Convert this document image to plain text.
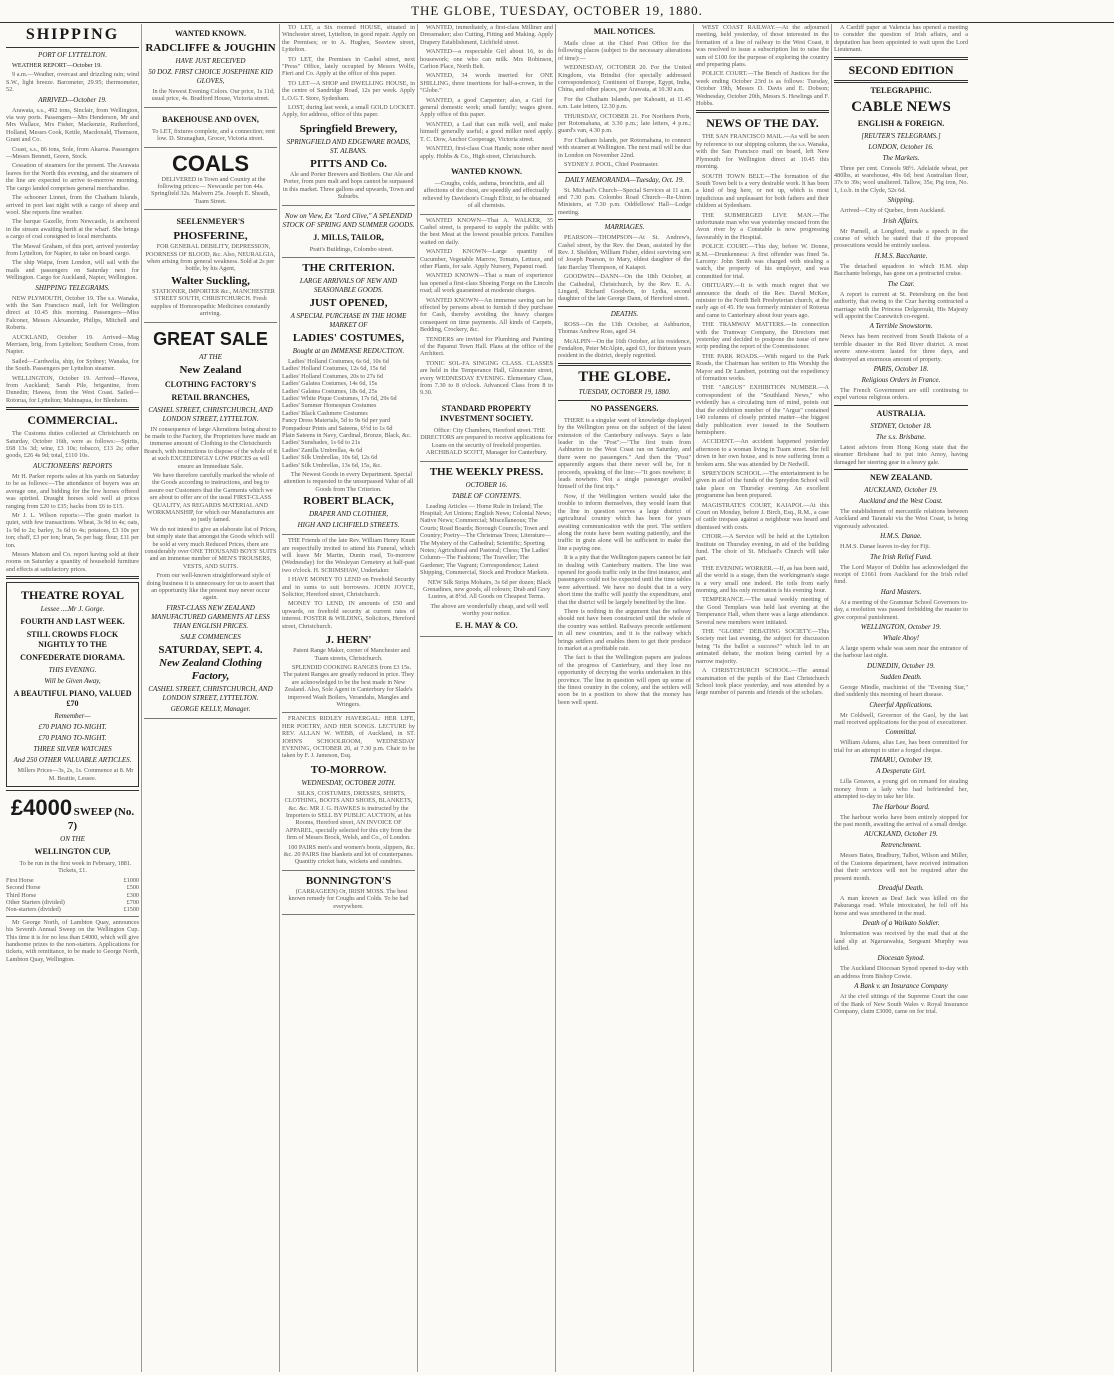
THE GLOBE, TUESDAY, OCTOBER 19, 1880.
SHIPPING
PORT OF LYTTELTON.
WEATHER REPORT—October 19.
9 a.m.—Weather, overcast and drizzling rain; wind S.W., light breeze. Barometer, 29.95; thermometer, 52.
ARRIVED—October 19.
Arawata, s.s., 492 tons, Sinclair, from Wellington, via way ports. Passengers—Mrs Henderson, Mr and Mrs Wallace, Mrs Fisher, Mackenzie, Rutherford, Holland, Messrs Cook, Kettle, Macdonald, Thomson, Grant and Co.
Coast, s.s., 86 tons, Sole, from Akaroa. Passengers—Messrs Bennett, Green, Stock.
Cessation of steamers for the present. The Arawata leaves for the North this evening, and the steamers of the line are expected to arrive to-morrow morning. The cargo landed comprises general merchandise.
The schooner Linnet, from the Chatham Islands, arrived in port last night with a cargo of sheep and wool. She reports fine weather.
The barque Gazelle, from Newcastle, is anchored in the stream awaiting berth at the wharf. She brings a cargo of coal consigned to local merchants.
The Mawaf Graham, of this port, arrived yesterday from Lyttelton, for Napier, to take on board cargo.
The ship Waipa, from London, will sail with the mails and passengers on Saturday next for Wellington. Cargo for Auckland, Napier, Wellington.
SHIPPING TELEGRAMS.
NEW PLYMOUTH, October 19. The s.s. Wanaka, with the San Francisco mail, left for Wellington direct at 10.45 this morning. Passengers—Miss Falconer, Messrs Alexander, Philips, Mitchell and Roberts.
AUCKLAND, October 19. Arrived—Mag Merriam, brig, from Lyttelton; Southern Cross, from Napier.
Sailed—Cardwelia, ship, for Sydney; Wanaka, for the South. Passengers per Lyttelton steamer.
WELLINGTON, October 19. Arrived—Hawea, from Auckland; Sarah Pile, brigantine, from Dunedin; Hawea, from the West Coast. Sailed—Rotorua, for Lyttelton; Mahinapua, for Blenheim.
COMMERCIAL.
The Customs duties collected at Christchurch on Saturday, October 16th, were as follows:—Spirits, £68 13s 3d; wine, £3 10s; tobacco, £13 2s; other goods, £26 4s 9d; total, £110 10s.
AUCTIONEERS' REPORTS
Mr H. Parker reports sales at his yards on Saturday to be as follows:—The attendance of buyers was an average one, and bidding for the few horses offered was spirited. Draught horses sold well at prices ranging from £20 to £35; hacks from £6 to £15.
Mr J. L. Wilson reports:—The grain market is quiet, with few transactions. Wheat, 3s 9d to 4s; oats, 1s 9d to 2s; barley, 3s 6d to 4s; potatoes, £3 10s per ton; chaff, £3 per ton; bran, 5s per bag; flour, £11 per ton.
Messrs Matson and Co. report having sold at their rooms on Saturday a quantity of household furniture and effects at satisfactory prices.
THEATRE ROYAL
Lessee ....Mr J. Gorge.
FOURTH AND LAST WEEK.
STILL CROWDS FLOCK NIGHTLY TO THE
CONFEDERATE DIORAMA.
THIS EVENING.
Will be Given Away,
A BEAUTIFUL PIANO, VALUED £70
Remember—
£70 PIANO TO-NIGHT.
£70 PIANO TO-NIGHT.
THREE SILVER WATCHES
And 250 OTHER VALUABLE ARTICLES.
Millers Prices—3s, 2s, 1s. Commence at 8. Mr M. Beattie, Lessee.
£4000 SWEEP (No. 7)
ON THE
WELLINGTON CUP,
To be run in the first week in February, 1881. Tickets, £1.
First Horse	£1000
Second Horse	£500
Third Horse	£300
Other Starters (divided)	£700
Non-starters (divided)	£1500
Mr George North, of Lambton Quay, announces his Seventh Annual Sweep on the Wellington Cup. This time it is for no less than £4000, which will give handsome prizes to the non-starters. Applications for tickets, with remittance, to be made to George North, Lambton Quay, Wellington.
WANTED KNOWN.
RADCLIFFE & JOUGHIN
HAVE JUST RECEIVED
50 DOZ. FIRST CHOICE JOSEPHINE KID GLOVES,
In the Newest Evening Colors. Our price, 1s 11d; usual price, 4s. Bradford House, Victoria street.
BAKEHOUSE AND OVEN,
To LET, fixtures complete, and a connection; rent low. D. Stranaghan, Grocer, Victoria street.
COALS
DELIVERED in Town and Country at the following prices:— Newcastle per ton 44s. Springfield 32s. Malvern 25s. Joseph E. Sheath, Tuam Street.
SEELENMEYER'S
PHOSFERINE,
FOR GENERAL DEBILITY, DEPRESSION, POORNESS OF BLOOD, &c. Also, NEURALGIA, when arising from general weakness. Sold at 2s per bottle, by his Agent,
Walter Suckling,
STATIONER, IMPORTER &c., MANCHESTER STREET SOUTH, CHRISTCHURCH. Fresh supplies of Homoeopathic Medicines constantly arriving.
GREAT SALE
AT THE
New Zealand
CLOTHING FACTORY'S
RETAIL BRANCHES,
CASHEL STREET, CHRISTCHURCH, AND LONDON STREET, LYTTELTON.
IN consequence of large Alterations being about to be made to the Factory, the Proprietors have made an immense amount of Clothing to the Christchurch Branch, with instructions to dispose of the whole of it at such EXCEEDINGLY LOW PRICES as will ensure an Immediate Sale.
We have therefore carefully marked the whole of the Goods according to instructions, and beg to assure our Customers that the Garments which we are about to offer are of the usual FIRST-CLASS QUALITY, AS REGARDS MATERIAL AND WORKMANSHIP, for which our Manufactures are so justly famed.
We do not intend to give an elaborate list of Prices, but simply state that amongst the Goods which will be sold at very much Reduced Prices, there are considerably over ONE THOUSAND BOYS' SUITS and an immense number of MEN'S TROUSERS, VESTS, AND SUITS.
From our well-known straightforward style of doing business it is unnecessary for us to assert that an opportunity like the present may never occur again.
FIRST-CLASS NEW ZEALAND MANUFACTURED GARMENTS AT LESS THAN ENGLISH PRICES.
SALE COMMENCES
SATURDAY, SEPT. 4.
New Zealand Clothing Factory,
CASHEL STREET, CHRISTCHURCH, AND LONDON STREET, LYTTELTON.
GEORGE KELLY, Manager.
TO LET, a Six roomed HOUSE, situated in Winchester street, Lyttelton, in good repair. Apply on the Premises; or to A. Hughes, Seaview street, Lyttelton.
TO LET, the Premises in Cashel street, next "Press" Office, lately occupied by Messrs Wolfe, Fieri and Co. Apply at the office of this paper.
TO LET—A SHOP and DWELLING HOUSE, in the centre of Sandridge Road, 12s per week. Apply L.O.G.T. Store, Sydenham.
LOST, during last week, a small GOLD LOCKET. Apply, for address, office of this paper.
Springfield Brewery,
SPRINGFIELD AND EDGEWARE ROADS, ST. ALBANS.
PITTS AND Co.
Ale and Porter Brewers and Bottlers. Our Ale and Porter, from pure malt and hops cannot be surpassed in this market. Three gallons and upwards, Town and Suburbs.
Now on View, Ex "Lord Clive," A SPLENDID STOCK OF SPRING AND SUMMER GOODS.
J. MILLS, TAILOR,
Pratt's Buildings, Colombo street.
THE CRITERION.
LARGE ARRIVALS OF NEW AND SEASONABLE GOODS.
JUST OPENED,
A SPECIAL PURCHASE IN THE HOME MARKET OF
LADIES' COSTUMES,
Bought at an IMMENSE REDUCTION.
Ladies' Holland Costumes, 6s 6d, 10s 6d
Ladies' Holland Costumes, 12s 6d, 15s 6d
Ladies' Holland Costumes, 20s to 27s 6d
Ladies' Galatea Costumes, 14s 6d, 15s
Ladies' Galatea Costumes, 18s 6d, 25s
Ladies' White Pique Costumes, 17s 6d, 29s 6d
Ladies' Summer Homespun Costumes
Ladies' Black Cashmere Costumes
Fancy Dress Materials, 5d to 9s 6d per yard
Pompadour Prints and Sateens, 6½d to 1s 6d
Plain Sateens in Navy, Cardinal, Bronze, Black, &c.
Ladies' Sunshades, 1s 6d to 21s
Ladies' Zanilla Umbrellas, 4s 6d
Ladies' Silk Umbrellas, 10s 6d, 12s 6d
Ladies' Silk Umbrellas, 13s 6d, 15s, &c.
The Newest Goods in every Department. Special attention is requested to the unsurpassed Value of all Goods from The Criterion.
ROBERT BLACK,
DRAPER AND CLOTHIER,
HIGH AND LICHFIELD STREETS.
THE Friends of the late Rev. William Henry Knutt are respectfully invited to attend his Funeral, which will leave Mr Martin, Dunin road, To-morrow (Wednesday) for the Wesleyan Cemetery at half-past two o'clock. H. SCRIMSHAW, Undertaker.
I HAVE MONEY TO LEND on Freehold Security and in sums to suit borrowers. JOHN JOYCE, Solicitor, Hereford street, Christchurch.
MONEY TO LEND, IN amounts of £50 and upwards, on freehold security at current rates of interest. FOSTER & WILDING, Solicitors, Hereford street, Christchurch.
J. HERN'
Patent Range Maker, corner of Manchester and Tuam streets, Christchurch.
SPLENDID COOKING RANGES from £3 15s. The patent Ranges are greatly reduced in price. They are acknowledged to be the best made in New Zealand. Also, Sole Agent in Canterbury for Slade's improved Wash Boilers, Verandahs, Mangles and Wringers.
FRANCES RIDLEY HAVERGAL: HER LIFE, HER POETRY, AND HER SONGS. LECTURE by REV. ALLAN W. WEBB, of Auckland, in ST. JOHN'S SCHOOLROOM, WEDNESDAY EVENING, OCTOBER 20, at 7.30 p.m. Chair to be taken by F. J. Jameson, Esq.
TO-MORROW.
WEDNESDAY, OCTOBER 20TH.
SILKS, COSTUMES, DRESSES, SHIRTS, CLOTHING, BOOTS AND SHOES, BLANKETS, &c. &c. MR J. G. HAWKES is instructed by the Importers to SELL BY PUBLIC AUCTION, at his Rooms, Hereford street, AN INVOICE OF APPAREL, specially selected for this city from the firm of Messrs Brock, Welsh, and Co., of London.
100 PAIRS men's and women's boots, slippers, &c. &c. 20 PAIRS fine blankets and lot of counterpanes. Quantity cricket bats, wickets and sundries.
BONNINGTON'S
(CARRAGEEN) Or, IRISH MOSS. The best known remedy for Coughs and Colds. To be had everywhere.
WANTED, immediately, a first-class Milliner and Dressmaker; also Cutting, Fitting and Making. Apply Drapery Establishment, Lichfield street.
WANTED—a respectable Girl about 16, to do housework; one who can milk. Mrs Robinson, Carlton Place, North Belt.
WANTED, 34 words inserted for ONE SHILLING, three insertions for half-a-crown, in the "Globe."
WANTED, a good Carpenter; also, a Girl for general domestic work; small family; wages given. Apply office of this paper.
WANTED, a Lad that can milk well, and make himself generally useful; a good milker need apply. T. C. Dow, Anchor Cooperage, Victoria street.
WANTED, first-class Coat Hands; none other need apply. Hobbs & Co., High street, Christchurch.
WANTED KNOWN.
—Coughs, colds, asthma, bronchitis, and all affections of the chest, are speedily and effectually relieved by Davidson's Cough Elixir, to be obtained of all chemists.
WANTED KNOWN—That A. WALKER, 35 Cashel street, is prepared to supply the public with the best Meat at the lowest possible prices. Families waited on daily.
WANTED KNOWN—Large quantity of Cucumber, Vegetable Marrow, Tomato, Lettuce, and other Plants, for sale. Apply Nursery, Papanui road.
WANTED KNOWN—That a man of experience has opened a first-class Shoeing Forge on the Lincoln road; all work guaranteed at moderate charges.
WANTED KNOWN—An immense saving can be effected by persons about to furnish if they purchase for Cash, thereby avoiding the heavy charges consequent on time payments. All kinds of Carpets, Bedding, Crockery, &c.
TENDERS are invited for Plumbing and Painting of the Papanui Town Hall. Plans at the office of the Architect.
TONIC SOL-FA SINGING CLASS. CLASSES are held in the Temperance Hall, Gloucester street, every WEDNESDAY EVENING. Elementary Class, from 7.30 to 8 o'clock. Advanced Class from 8 to 9.30.
STANDARD PROPERTY INVESTMENT SOCIETY.
Office: City Chambers, Hereford street. THE DIRECTORS are prepared to receive applications for Loans on the security of freehold properties. ARCHIBALD SCOTT, Manager for Canterbury.
THE WEEKLY PRESS.
OCTOBER 16.
TABLE OF CONTENTS.
Leading Articles — Home Rule in Ireland; The Hospital; Art Unions; English News; Colonial News; Native News; Commercial; Miscellaneous; The Courts; Road Boards; Borough Councils; Town and Country; Poetry—The Christmas Trees; Literature—The Mystery of the Cathedral; Scientific; Sporting Notes; Agricultural and Pastoral; Chess; The Ladies' Column—The Fashions; The Traveller; The Gardener; The Vagrant; Correspondence; Latest Shipping, Commercial, Stock and Produce Markets.
NEW Silk Strips Mohairs, 3s 6d per dozen; Black Grenadines, new goods, all colours; Drab and Grey Lustres, at 8½d. All Goods on Cheapest Terms.
The above are wonderfully cheap, and will well worthy your notice.
E. H. MAY & CO.
MAIL NOTICES.
Mails close at the Chief Post Office for the following places (subject to the necessary alterations of time):—
WEDNESDAY, OCTOBER 20. For the United Kingdom, via Brindisi (for specially addressed correspondence); Continent of Europe, Egypt, India, China, and other places, per Arawata, at 10.30 a.m.
For the Chatham Islands, per Kahoaiti, at 11.45 a.m. Late letters, 12.30 p.m.
THURSDAY, OCTOBER 21. For Northern Ports, per Rotomahana, at 3.30 p.m.; late letters, 4 p.m.; guard's van, 4.30 p.m.
For Chatham Islands, per Rotomahana, to connect with steamer at Wellington. The next mail will be due in London on November 22nd.
SYDNEY J. POOL, Chief Postmaster.
DAILY MEMORANDA—Tuesday, Oct. 19.
St. Michael's Church—Special Services at 11 a.m. and 7.30 p.m. Colombo Road Church—Re-Union Ministers, at 7.30 p.m. Oddfellows' Hall—Lodge meeting.
MARRIAGES.
PEARSON—THOMPSON—At St. Andrew's, Cashel street, by the Rev. the Dean, assisted by the Rev. J. Sheldon, William Fisher, eldest surviving son of Joseph Pearson, to Mary, eldest daughter of the late Barclay Thompson, of Kaiapoi.
GOODWIN—DANN—On the 18th October, at the Cathedral, Christchurch, by the Rev. E. A. Lingard, Richard Goodwin, to Lydia, second daughter of the late George Dann, of Hereford street.
DEATHS.
ROSS—On the 13th October, at Ashburton, Thomas Andrew Ross, aged 34.
McALPIN—On the 16th October, at his residence, Fendalton, Peter McAlpin, aged 63, for thirteen years resident in the district, deeply regretted.
THE GLOBE.
TUESDAY, OCTOBER 19, 1880.
NO PASSENGERS.
THERE is a singular want of knowledge displayed by the Wellington press on the subject of the latest extension of the Canterbury railways. Says a late leader in the "Post":—"The first train from Ashburton to the West Coast ran on Saturday, and there were no passengers." And then the "Post" apparently argues that there never will be, for it proceeds, speaking of the line:—"It goes nowhere; it leads nowhere. Not a single passenger availed himself of the first trip."
Now, if the Wellington writers would take the trouble to inform themselves, they would learn that the line in question serves a large district of agricultural country which has been for years awaiting communication with the port. The settlers along the route have been waiting patiently, and the traffic in grain alone will be sufficient to make the line a paying one.
It is a pity that the Wellington papers cannot be fair in dealing with Canterbury matters. The line was opened for goods traffic only in the first instance, and passengers could not be expected until the time tables were advertised. We have no doubt that in a very short time the traffic will justify the expenditure, and that the district will be largely benefited by the line.
There is nothing in the argument that the railway should not have been constructed until the whole of the country was settled. Railways precede settlement in all new countries, and it is the railway which brings settlers and enables them to get their produce to market at a profitable rate.
The fact is that the Wellington papers are jealous of the progress of Canterbury, and they lose no opportunity of decrying the works undertaken in this province. The line in question will open up some of the finest country in the colony, and the settlers will soon be in a position to show that the money has been well spent.
WEST COAST RAILWAY.—At the adjourned meeting, held yesterday, of those interested in the formation of a line of railway to the West Coast, it was resolved to issue a subscription list to raise the sum of £100 for the purpose of exploring the country and preparing plans.
POLICE COURT.—The Bench of Justices for the week ending October 23rd is as follows: Tuesday, October 19th, Messrs D. Davis and E. Dobson; Wednesday, October 20th, Messrs S. Hewlings and F. Hobbs.
NEWS OF THE DAY.
THE SAN FRANCISCO MAIL.—As will be seen by reference to our shipping column, the s.s. Wanaka, with the San Francisco mail on board, left New Plymouth for Wellington direct at 10.45 this morning.
SOUTH TOWN BELT.—The formation of the South Town belt is a very desirable work. It has been a kind of bog here, or not up, which is most injudicious and unpleasant for both fathers and their children at Sydenham.
THE SUBMERGED LIVE MAN.—The unfortunate man who was yesterday rescued from the Avon river by a Constable is now progressing favourably in the Hospital.
POLICE COURT.—This day, before W. Donne, R.M.—Drunkenness: A first offender was fined 5s. Larceny: John Smith was charged with stealing a watch, the property of his employer, and was committed for trial.
OBITUARY.—It is with much regret that we announce the death of the Rev. David McKee, minister to the North Belt Presbyterian church, at the early age of 45. He was formerly minister of Rotorua and came to Canterbury about four years ago.
THE TRAMWAY MATTERS.—In connection with the Tramway Company, the Directors met yesterday and decided to postpone the issue of new scrip pending the report of the Commissioner.
THE PARK ROADS.—With regard to the Park Roads, the Chairman has written to His Worship the Mayor and Dr Lambert, pointing out the expediency of formation works.
THE "ARGUS" EXHIBITION NUMBER.—A correspondent of the "Southland News," who evidently has a circulating turn of mind, points out that the exhibition number of the "Argus" contained 140 columns of closely printed matter—the biggest daily publication ever issued in the Southern hemisphere.
ACCIDENT.—An accident happened yesterday afternoon to a woman living in Tuam street. She fell down in her own house, and is now suffering from a broken arm. She was attended by Dr Nedwill.
SPREYDON SCHOOL.—The entertainment to be given in aid of the funds of the Spreydon School will take place on Thursday evening. An excellent programme has been prepared.
MAGISTRATE'S COURT, KAIAPOI.—At this Court on Monday, before J. Birch, Esq., R.M., a case of cattle trespass against a neighbour was heard and dismissed with costs.
CHOIR.—A Service will be held at the Lyttelton Institute on Thursday evening, in aid of the building fund. The choir of St. Michael's Church will take part.
THE EVENING WORKER.—If, as has been said, all the world is a stage, then the workingman's stage is a very small one indeed. He toils from early morning, and his only recreation is his evening hour.
TEMPERANCE.—The usual weekly meeting of the Good Templars was held last evening at the Temperance Hall, when there was a large attendance. Several new members were initiated.
THE "GLOBE" DEBATING SOCIETY.—This Society met last evening, the subject for discussion being "Is the ballot a success?" which led to an animated debate, the motion being carried by a narrow majority.
A CHRISTCHURCH SCHOOL.—The annual examination of the pupils of the East Christchurch School took place yesterday, and was attended by a large number of parents and friends of the scholars.
A Cardiff paper at Valencia has opened a meeting to consider the question of Irish affairs, and a deputation has been appointed to wait upon the Lord Lieutenant.
SECOND EDITION
TELEGRAPHIC.
CABLE NEWS
ENGLISH & FOREIGN.
[REUTER'S TELEGRAMS.]
LONDON, October 16.
The Markets.
Three per cent. Consols 98½. Adelaide wheat, per 480lbs, at warehouse, 49s 6d; best Australian flour, 37s to 39s; wool unaltered. Tallow, 35s; Pig iron, No. 1, f.o.b. in the Clyde, 52s 6d.
Shipping.
Arrived—City of Quebec, from Auckland.
Irish Affairs.
Mr Parnell, at Longford, made a speech in the course of which he stated that if the proposed prosecutions would be entirely useless.
H.M.S. Bacchante.
The detached squadron to which H.M. ship Bacchante belongs, has gone on a protracted cruise.
The Czar.
A report is current at St. Petersburg on the best authority, that owing to the Czar having contracted a marriage with the Princess Dolgorouki, His Majesty will appoint the Czarewitch co-regent.
A Terrible Snowstorm.
News has been received from South Dakota of a terrible disaster in the Red River district. A most severe snow-storm lasted for three days, and destroyed an enormous amount of property.
PARIS, October 18.
Religious Orders in France.
The French Government are still continuing to expel various religious orders.
AUSTRALIA.
SYDNEY, October 18.
The s.s. Brisbane.
Latest advices from Hong Kong state that the steamer Brisbane had to put into Amoy, having damaged her steering gear in a heavy gale.
NEW ZEALAND.
AUCKLAND, October 19.
Auckland and the West Coast.
The establishment of mercantile relations between Auckland and Taranaki via the West Coast, is being vigorously advocated.
H.M.S. Danae.
H.M.S. Danae leaves to-day for Fiji.
The Irish Relief Fund.
The Lord Mayor of Dublin has acknowledged the receipt of £1661 from Auckland for the Irish relief fund.
Hard Masters.
At a meeting of the Grammar School Governors to-day, a resolution was passed forbidding the master to give corporal punishment.
WELLINGTON, October 19.
Whale Ahoy!
A large sperm whale was seen near the entrance of the harbour last night.
DUNEDIN, October 19.
Sudden Death.
George Mindle, machinist of the "Evening Star," died suddenly this morning of heart disease.
Cheerful Applications.
Mr Coldwell, Governor of the Gaol, by the last mail received applications for the post of executioner.
Committal.
William Adams, alias Lee, has been committed for trial for an attempt to utter a forged cheque.
TIMARU, October 19.
A Desperate Girl.
Lilla Greaves, a young girl on remand for stealing money from a lady who had befriended her, attempted to-day to take her life.
The Harbour Board.
The harbour works have been entirely stopped for the past month, awaiting the arrival of a small dredge.
AUCKLAND, October 19.
Retrenchment.
Messrs Bates, Bradbury, Talbot, Wilson and Miller, of the Customs department, have received intimation that their services will not be required after the present month.
Dreadful Death.
A man known as Deaf Jack was killed on the Pakuranga road. While intoxicated, he fell off his horse and was smothered in the mud.
Death of a Waikato Soldier.
Information was received by the mail that at the land slip at Ngaruawahia, Sergeant Murphy was killed.
Diocesan Synod.
The Auckland Diocesan Synod opened to-day with an address from Bishop Cowie.
A Bank v. an Insurance Company
At the civil sittings of the Supreme Court the case of the Bank of New South Wales v. Royal Insurance Company, claim £3000, came on for trial.
